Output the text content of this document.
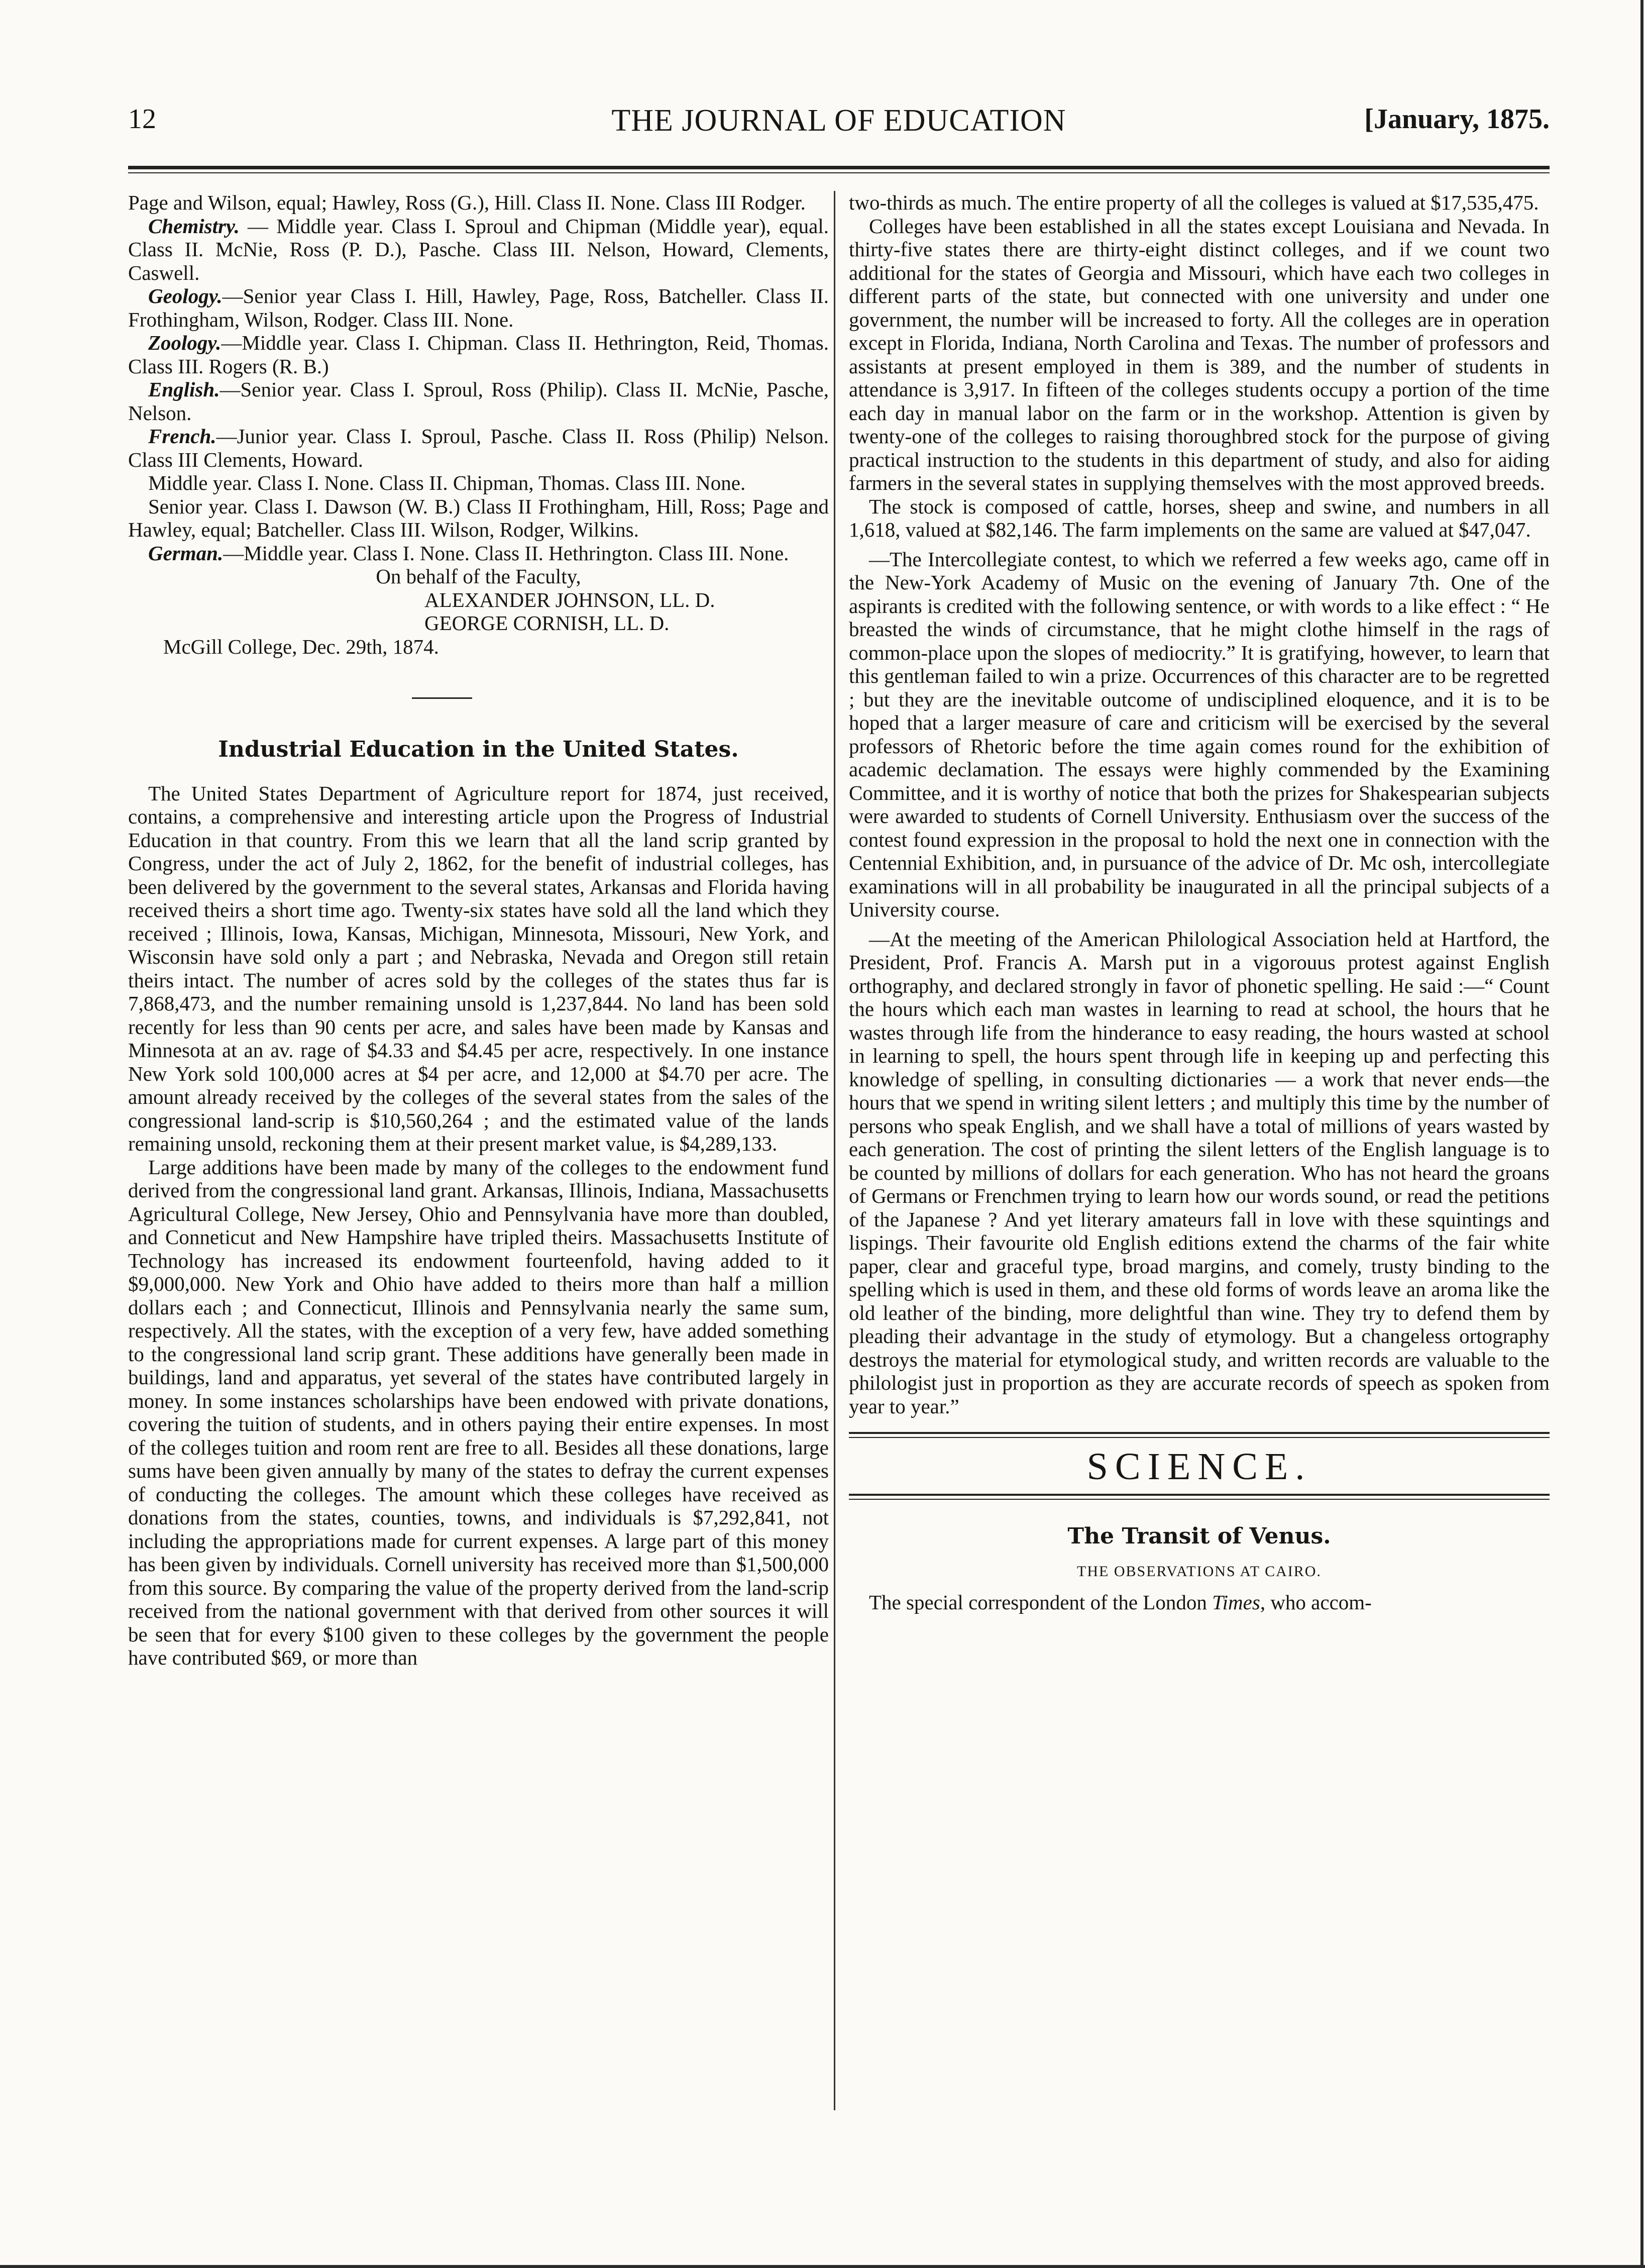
12	THE JOURNAL OF EDUCATION	[January, 1875.

Page and Wilson, equal; Hawley, Ross (G.), Hill. Class II. None. Class III Rodger.

Chemistry. — Middle year. Class I. Sproul and Chipman (Middle year), equal. Class II. McNie, Ross (P. D.), Pasche. Class III. Nelson, Howard, Clements, Caswell.

Geology.—Senior year Class I. Hill, Hawley, Page, Ross, Batcheller. Class II. Frothingham, Wilson, Rodger. Class III. None.

Zoology.—Middle year. Class I. Chipman. Class II. Hethrington, Reid, Thomas. Class III. Rogers (R. B.)

English.—Senior year. Class I. Sproul, Ross (Philip). Class II. McNie, Pasche, Nelson.

French.—Junior year. Class I. Sproul, Pasche. Class II. Ross (Philip) Nelson. Class III Clements, Howard.

Middle year. Class I. None. Class II. Chipman, Thomas. Class III. None.

Senior year. Class I. Dawson (W. B.) Class II Frothingham, Hill, Ross; Page and Hawley, equal; Batcheller. Class III. Wilson, Rodger, Wilkins.

German.—Middle year. Class I. None. Class II. Hethrington. Class III. None.

On behalf of the Faculty,

ALEXANDER JOHNSON, LL. D.

GEORGE CORNISH, LL. D.

McGill College, Dec. 29th, 1874.

Industrial Education in the United States.

The United States Department of Agriculture report for 1874, just received, contains, a comprehensive and interesting article upon the Progress of Industrial Education in that country. From this we learn that all the land scrip granted by Congress, under the act of July 2, 1862, for the benefit of industrial colleges, has been delivered by the government to the several states, Arkansas and Florida having received theirs a short time ago. Twenty-six states have sold all the land which they received ; Illinois, Iowa, Kansas, Michigan, Minnesota, Missouri, New York, and Wisconsin have sold only a part ; and Nebraska, Nevada and Oregon still retain theirs intact. The number of acres sold by the colleges of the states thus far is 7,868,473, and the number remaining unsold is 1,237,844. No land has been sold recently for less than 90 cents per acre, and sales have been made by Kansas and Minnesota at an av. rage of $4.33 and $4.45 per acre, respectively. In one instance New York sold 100,000 acres at $4 per acre, and 12,000 at $4.70 per acre. The amount already received by the colleges of the several states from the sales of the congressional land-scrip is $10,560,264 ; and the estimated value of the lands remaining unsold, reckoning them at their present market value, is $4,289,133.

Large additions have been made by many of the colleges to the endowment fund derived from the congressional land grant. Arkansas, Illinois, Indiana, Massachusetts Agricultural College, New Jersey, Ohio and Pennsylvania have more than doubled, and Conneticut and New Hampshire have tripled theirs. Massachusetts Institute of Technology has increased its endowment fourteenfold, having added to it $9,000,000. New York and Ohio have added to theirs more than half a million dollars each ; and Connecticut, Illinois and Pennsylvania nearly the same sum, respectively. All the states, with the exception of a very few, have added something to the congressional land scrip grant. These additions have generally been made in buildings, land and apparatus, yet several of the states have contributed largely in money. In some instances scholarships have been endowed with private donations, covering the tuition of students, and in others paying their entire expenses. In most of the colleges tuition and room rent are free to all. Besides all these donations, large sums have been given annually by many of the states to defray the current expenses of conducting the colleges. The amount which these colleges have received as donations from the states, counties, towns, and individuals is $7,292,841, not including the appropriations made for current expenses. A large part of this money has been given by individuals. Cornell university has received more than $1,500,000 from this source. By comparing the value of the property derived from the land-scrip received from the national government with that derived from other sources it will be seen that for every $100 given to these colleges by the government the people have contributed $69, or more than

two-thirds as much. The entire property of all the colleges is valued at $17,535,475.

Colleges have been established in all the states except Louisiana and Nevada. In thirty-five states there are thirty-eight distinct colleges, and if we count two additional for the states of Georgia and Missouri, which have each two colleges in different parts of the state, but connected with one university and under one government, the number will be increased to forty. All the colleges are in operation except in Florida, Indiana, North Carolina and Texas. The number of professors and assistants at present employed in them is 389, and the number of students in attendance is 3,917. In fifteen of the colleges students occupy a portion of the time each day in manual labor on the farm or in the workshop. Attention is given by twenty-one of the colleges to raising thoroughbred stock for the purpose of giving practical instruction to the students in this department of study, and also for aiding farmers in the several states in supplying themselves with the most approved breeds.

The stock is composed of cattle, horses, sheep and swine, and numbers in all 1,618, valued at $82,146. The farm implements on the same are valued at $47,047.

—The Intercollegiate contest, to which we referred a few weeks ago, came off in the New-York Academy of Music on the evening of January 7th. One of the aspirants is credited with the following sentence, or with words to a like effect : “ He breasted the winds of circumstance, that he might clothe himself in the rags of common-place upon the slopes of mediocrity.” It is gratifying, however, to learn that this gentleman failed to win a prize. Occurrences of this character are to be regretted ; but they are the inevitable outcome of undisciplined eloquence, and it is to be hoped that a larger measure of care and criticism will be exercised by the several professors of Rhetoric before the time again comes round for the exhibition of academic declamation. The essays were highly commended by the Examining Committee, and it is worthy of notice that both the prizes for Shakespearian subjects were awarded to students of Cornell University. Enthusiasm over the success of the contest found expression in the proposal to hold the next one in connection with the Centennial Exhibition, and, in pursuance of the advice of Dr. Mc osh, intercollegiate examinations will in all probability be inaugurated in all the principal subjects of a University course.

—At the meeting of the American Philological Association held at Hartford, the President, Prof. Francis A. Marsh put in a vigorouus protest against English orthography, and declared strongly in favor of phonetic spelling. He said :—“ Count the hours which each man wastes in learning to read at school, the hours that he wastes through life from the hinderance to easy reading, the hours wasted at school in learning to spell, the hours spent through life in keeping up and perfecting this knowledge of spelling, in consulting dictionaries — a work that never ends—the hours that we spend in writing silent letters ; and multiply this time by the number of persons who speak English, and we shall have a total of millions of years wasted by each generation. The cost of printing the silent letters of the English language is to be counted by millions of dollars for each generation. Who has not heard the groans of Germans or Frenchmen trying to learn how our words sound, or read the petitions of the Japanese ? And yet literary amateurs fall in love with these squintings and lispings. Their favourite old English editions extend the charms of the fair white paper, clear and graceful type, broad margins, and comely, trusty binding to the spelling which is used in them, and these old forms of words leave an aroma like the old leather of the binding, more delightful than wine. They try to defend them by pleading their advantage in the study of etymology. But a changeless ortography destroys the material for etymological study, and written records are valuable to the philologist just in proportion as they are accurate records of speech as spoken from year to year.”

SCIENCE.
The Transit of Venus.
THE OBSERVATIONS AT CAIRO.

The special correspondent of the London Times, who accom-
